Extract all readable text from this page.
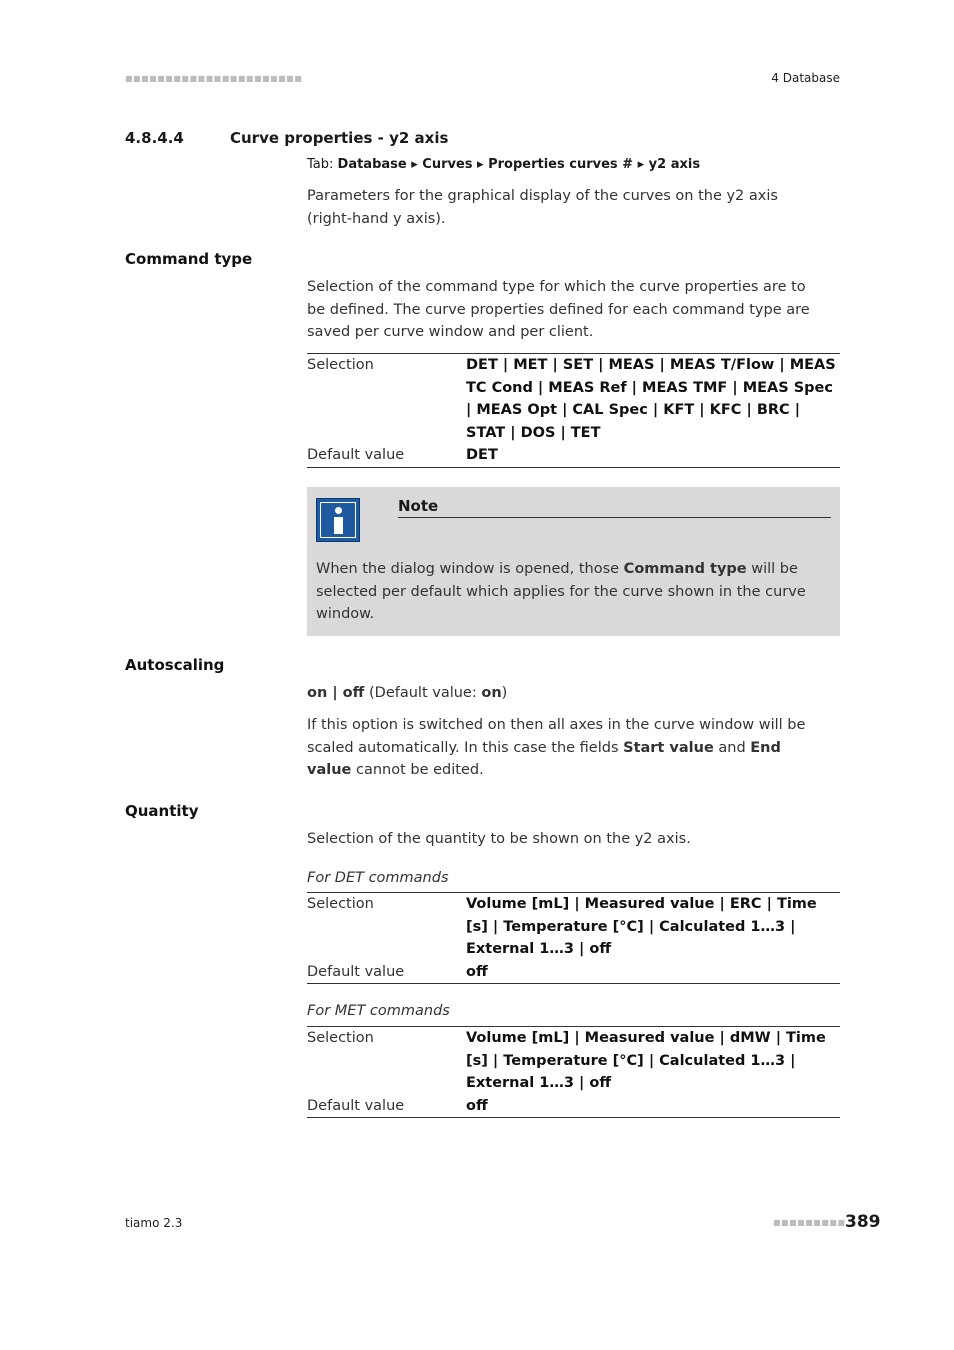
■■■■■■■■■■■■■■■■■■■■■■	4 Database
4.8.4.4	Curve properties - y2 axis
Tab: Database ▸ Curves ▸ Properties curves # ▸ y2 axis
Parameters for the graphical display of the curves on the y2 axis (right-hand y axis).
Command type
Selection of the command type for which the curve properties are to be defined. The curve properties defined for each command type are saved per curve window and per client.
Selection	DET | MET | SET | MEAS | MEAS T/Flow | MEAS TC Cond | MEAS Ref | MEAS TMF | MEAS Spec | MEAS Opt | CAL Spec | KFT | KFC | BRC | STAT | DOS | TET
Default value	DET
Note
When the dialog window is opened, those Command type will be selected per default which applies for the curve shown in the curve window.
Autoscaling
on | off (Default value: on)
If this option is switched on then all axes in the curve window will be scaled automatically. In this case the fields Start value and End value cannot be edited.
Quantity
Selection of the quantity to be shown on the y2 axis.
For DET commands
Selection	Volume [mL] | Measured value | ERC | Time [s] | Temperature [°C] | Calculated 1…3 | External 1…3 | off
Default value	off
For MET commands
Selection	Volume [mL] | Measured value | dMW | Time [s] | Temperature [°C] | Calculated 1…3 | External 1…3 | off
Default value	off
tiamo 2.3	■■■■■■■■■ 389
